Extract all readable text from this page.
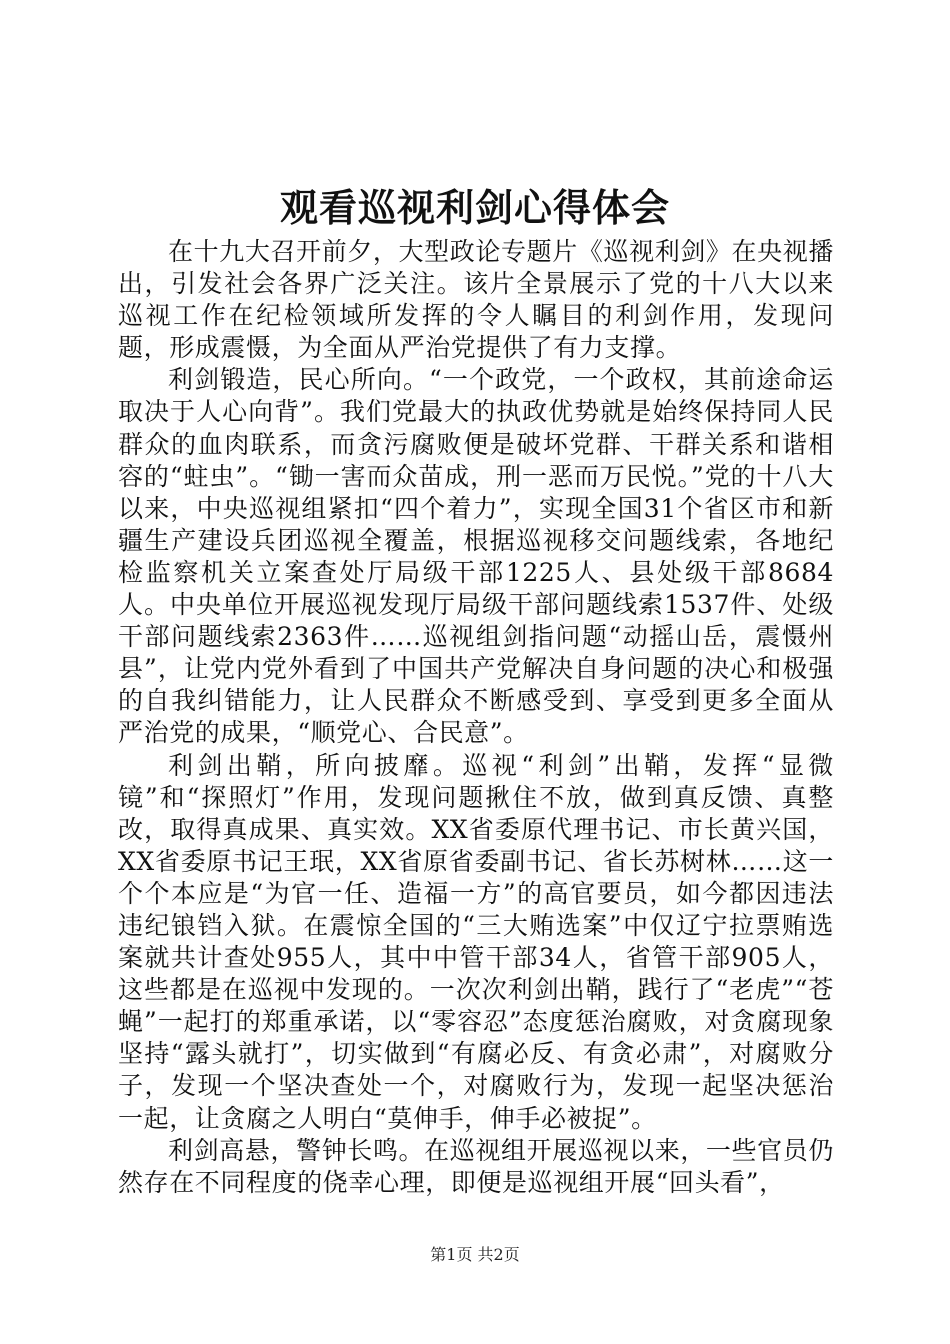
观看巡视利剑心得体会

在十九大召开前夕，大型政论专题片《巡视利剑》在央视播出，引发社会各界广泛关注。该片全景展示了党的十八大以来巡视工作在纪检领域所发挥的令人瞩目的利剑作用，发现问题，形成震慑，为全面从严治党提供了有力支撑。

利剑锻造，民心所向。“一个政党，一个政权，其前途命运取决于人心向背”。我们党最大的执政优势就是始终保持同人民群众的血肉联系，而贪污腐败便是破坏党群、干群关系和谐相容的“蛀虫”。“锄一害而众苗成，刑一恶而万民悦。”党的十八大以来，中央巡视组紧扣“四个着力”，实现全国31个省区市和新疆生产建设兵团巡视全覆盖，根据巡视移交问题线索，各地纪检监察机关立案查处厅局级干部1225人、县处级干部8684人。中央单位开展巡视发现厅局级干部问题线索1537件、处级干部问题线索2363件……巡视组剑指问题“动摇山岳，震慑州县”，让党内党外看到了中国共产党解决自身问题的决心和极强的自我纠错能力，让人民群众不断感受到、享受到更多全面从严治党的成果，“顺党心、合民意”。

利剑出鞘，所向披靡。巡视“利剑”出鞘，发挥“显微镜”和“探照灯”作用，发现问题揪住不放，做到真反馈、真整改，取得真成果、真实效。XX省委原代理书记、市长黄兴国，XX省委原书记王珉，XX省原省委副书记、省长苏树林……这一个个本应是“为官一任、造福一方”的高官要员，如今都因违法违纪锒铛入狱。在震惊全国的“三大贿选案”中仅辽宁拉票贿选案就共计查处955人，其中中管干部34人，省管干部905人，这些都是在巡视中发现的。一次次利剑出鞘，践行了“老虎”“苍蝇”一起打的郑重承诺，以“零容忍”态度惩治腐败，对贪腐现象坚持“露头就打”，切实做到“有腐必反、有贪必肃”，对腐败分子，发现一个坚决查处一个，对腐败行为，发现一起坚决惩治一起，让贪腐之人明白“莫伸手，伸手必被捉”。

利剑高悬，警钟长鸣。在巡视组开展巡视以来，一些官员仍然存在不同程度的侥幸心理，即便是巡视组开展“回头看”，

第1页 共2页
